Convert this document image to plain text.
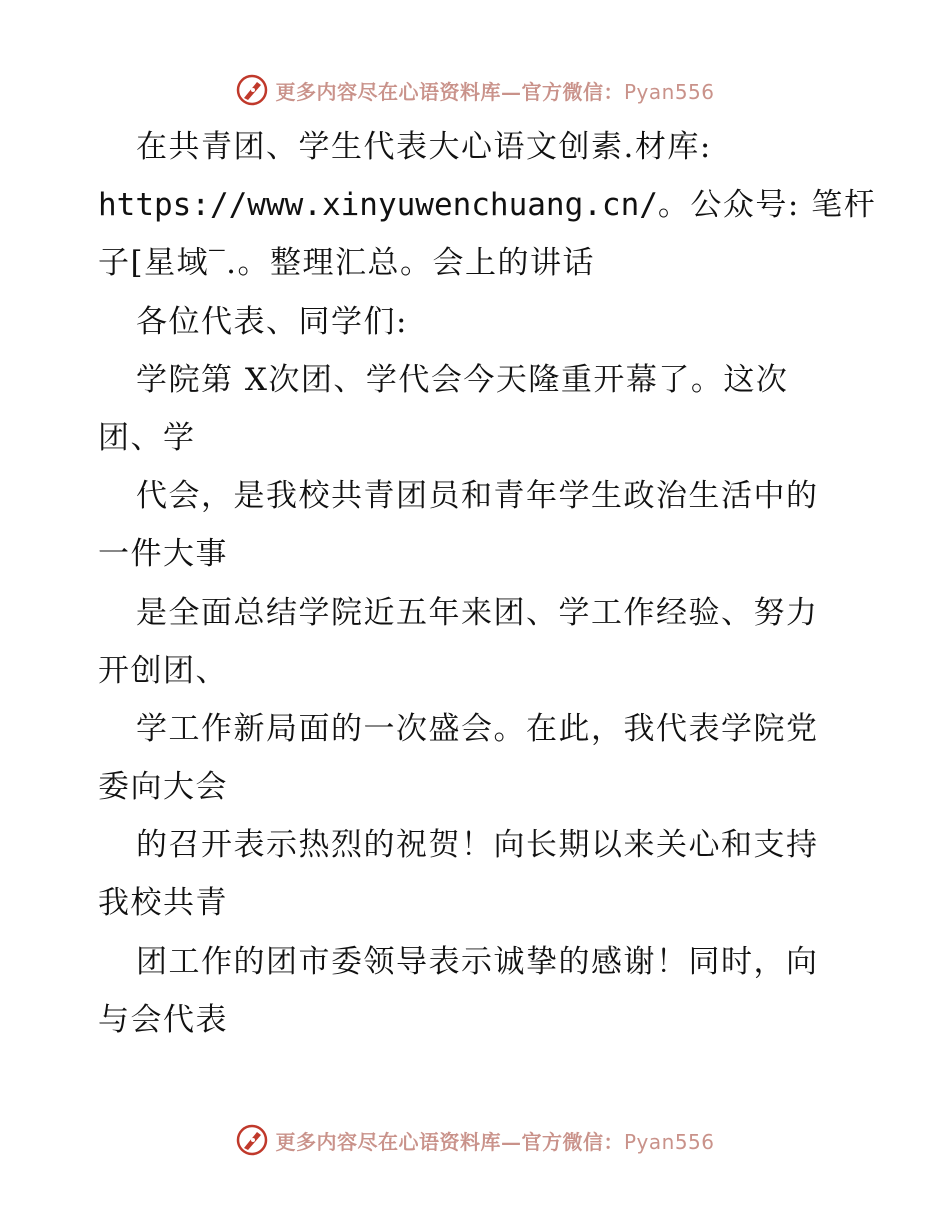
更多内容尽在心语资料库—官方微信：Pyan556
在共青团、学生代表大心语文创素.材库:
https://www.xinyuwenchuang.cn/。公众号: 笔杆
子[星域‾.。整理汇总。会上的讲话
各位代表、同学们:
学院第 X次团、学代会今天隆重开幕了。这次
团、学
代会，是我校共青团员和青年学生政治生活中的
一件大事
是全面总结学院近五年来团、学工作经验、努力
开创团、
学工作新局面的一次盛会。在此，我代表学院党
委向大会
的召开表示热烈的祝贺！向长期以来关心和支持
我校共青
团工作的团市委领导表示诚挚的感谢！同时，向
与会代表
更多内容尽在心语资料库—官方微信：Pyan556
